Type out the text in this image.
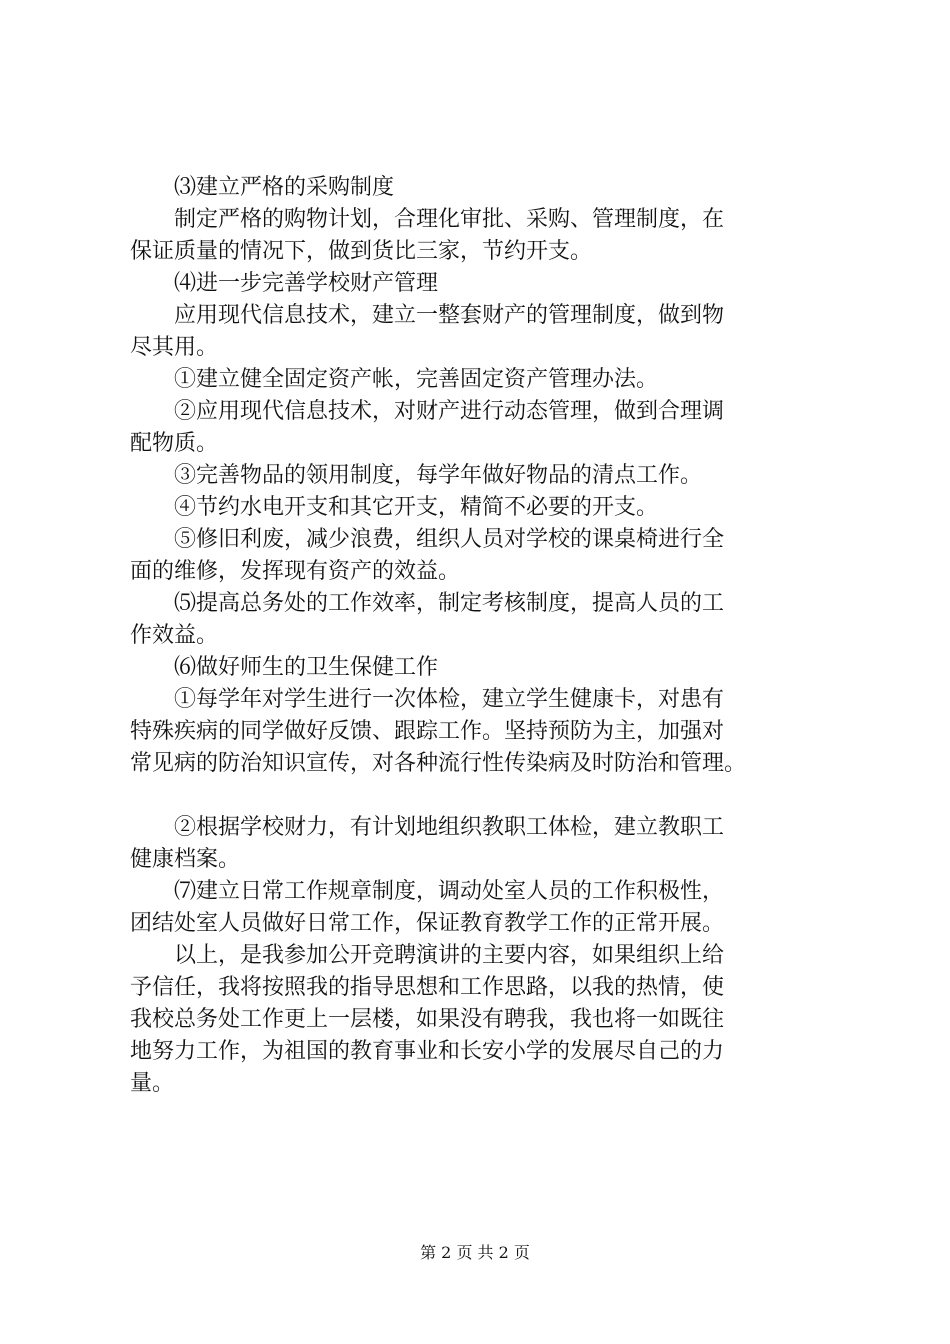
⑶建立严格的采购制度
制定严格的购物计划，合理化审批、采购、管理制度，在
保证质量的情况下，做到货比三家，节约开支。
⑷进一步完善学校财产管理
应用现代信息技术，建立一整套财产的管理制度，做到物
尽其用。
①建立健全固定资产帐，完善固定资产管理办法。
②应用现代信息技术，对财产进行动态管理，做到合理调
配物质。
③完善物品的领用制度，每学年做好物品的清点工作。
④节约水电开支和其它开支，精简不必要的开支。
⑤修旧利废，减少浪费，组织人员对学校的课桌椅进行全
面的维修，发挥现有资产的效益。
⑸提高总务处的工作效率，制定考核制度，提高人员的工
作效益。
⑹做好师生的卫生保健工作
①每学年对学生进行一次体检，建立学生健康卡，对患有
特殊疾病的同学做好反馈、跟踪工作。坚持预防为主，加强对
常见病的防治知识宣传，对各种流行性传染病及时防治和管理。
②根据学校财力，有计划地组织教职工体检，建立教职工
健康档案。
⑺建立日常工作规章制度，调动处室人员的工作积极性，
团结处室人员做好日常工作，保证教育教学工作的正常开展。
以上，是我参加公开竞聘演讲的主要内容，如果组织上给
予信任，我将按照我的指导思想和工作思路，以我的热情，使
我校总务处工作更上一层楼，如果没有聘我，我也将一如既往
地努力工作，为祖国的教育事业和长安小学的发展尽自己的力
量。
第 2 页 共 2 页
